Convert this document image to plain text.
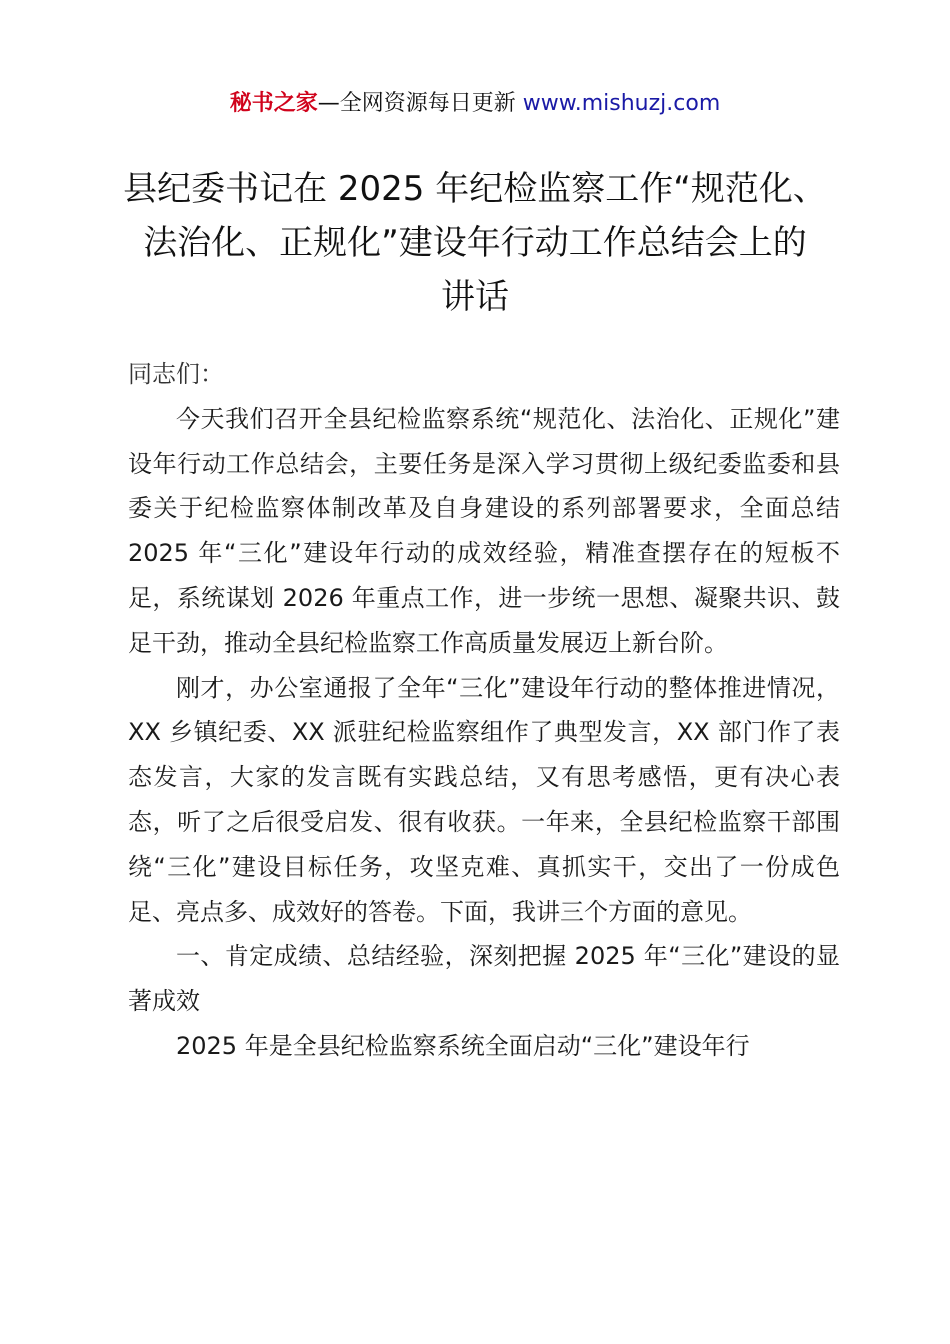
秘书之家—全网资源每日更新 www.mishuzj.com
县纪委书记在 2025 年纪检监察工作“规范化、
法治化、正规化”建设年行动工作总结会上的
讲话

同志们：

今天我们召开全县纪检监察系统“规范化、法治化、正规化”建设年行动工作总结会，主要任务是深入学习贯彻上级纪委监委和县委关于纪检监察体制改革及自身建设的系列部署要求，全面总结 2025 年“三化”建设年行动的成效经验，精准查摆存在的短板不足，系统谋划 2026 年重点工作，进一步统一思想、凝聚共识、鼓足干劲，推动全县纪检监察工作高质量发展迈上新台阶。

刚才，办公室通报了全年“三化”建设年行动的整体推进情况，XX 乡镇纪委、XX 派驻纪检监察组作了典型发言，XX 部门作了表态发言，大家的发言既有实践总结，又有思考感悟，更有决心表态，听了之后很受启发、很有收获。一年来，全县纪检监察干部围绕“三化”建设目标任务，攻坚克难、真抓实干，交出了一份成色足、亮点多、成效好的答卷。下面，我讲三个方面的意见。

一、肯定成绩、总结经验，深刻把握 2025 年“三化”建设的显著成效

2025 年是全县纪检监察系统全面启动“三化”建设年行
